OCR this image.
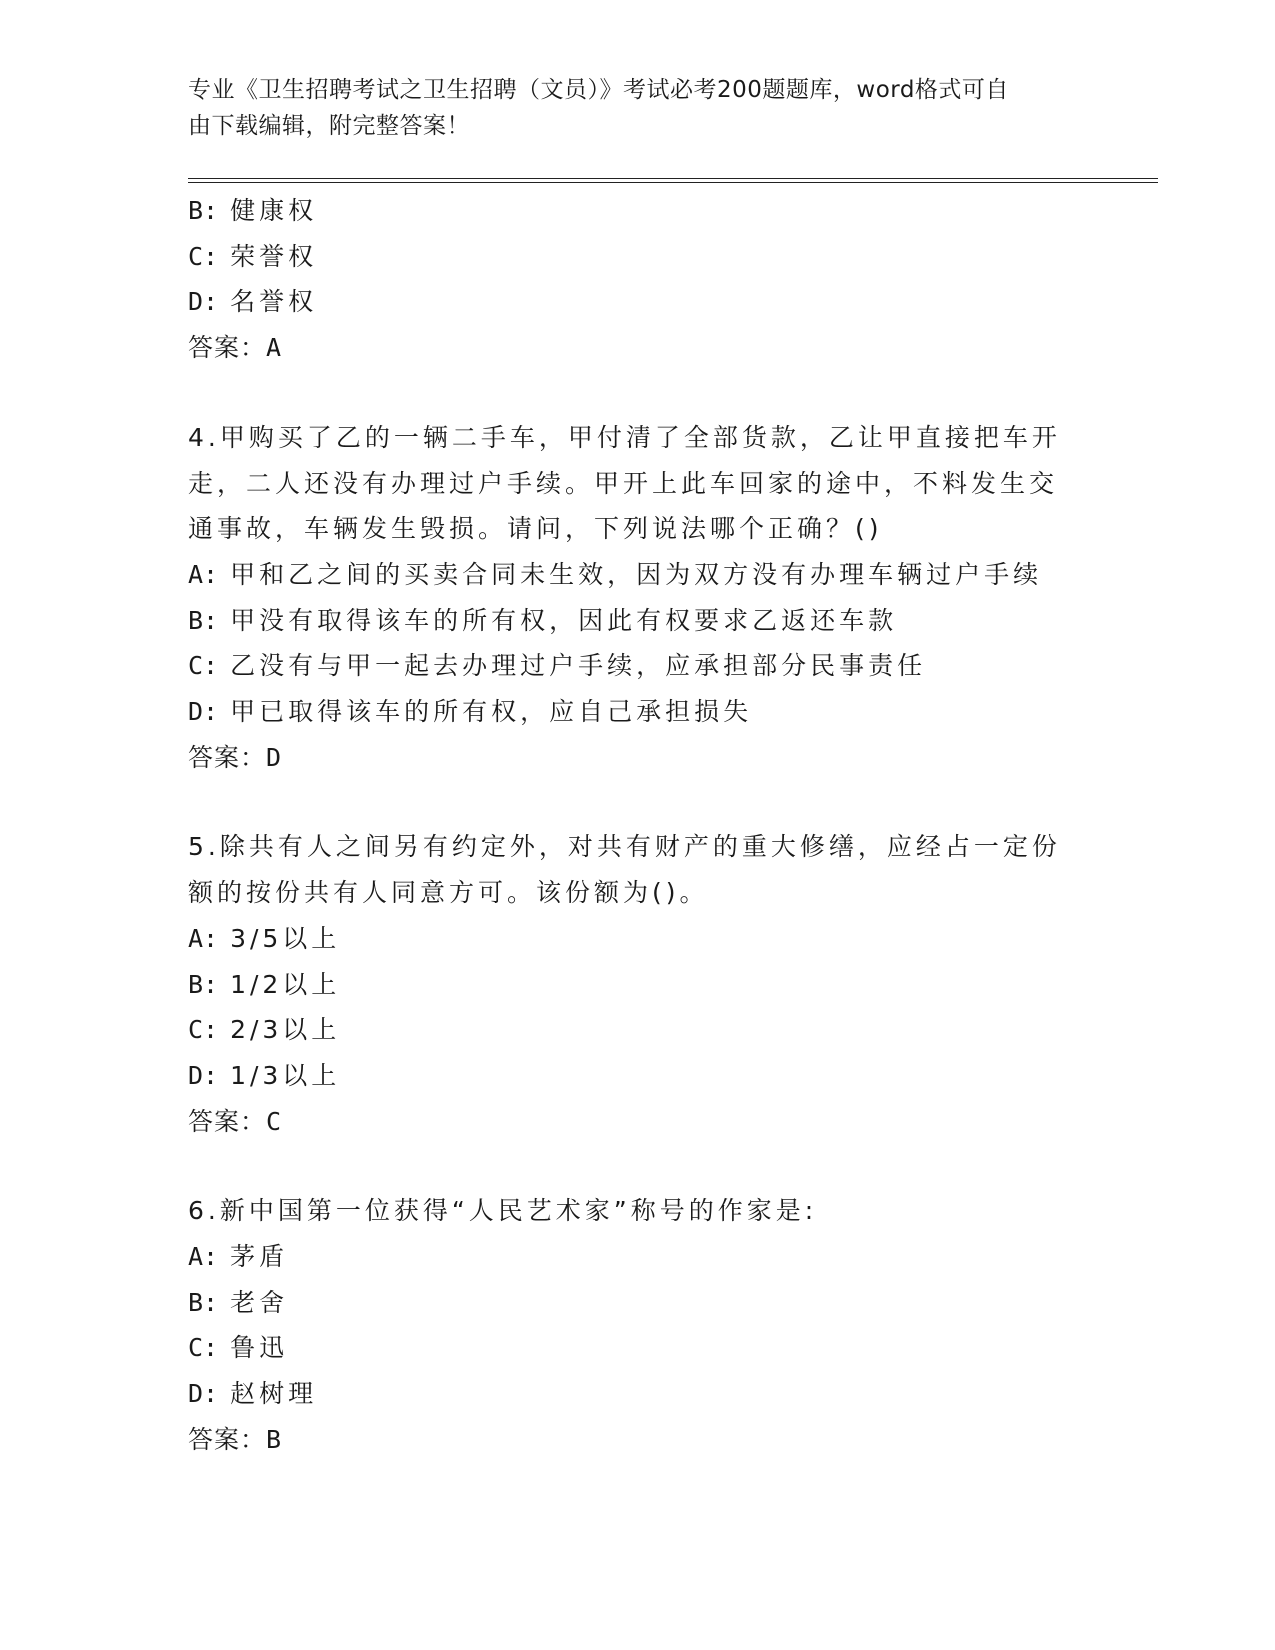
专业《卫生招聘考试之卫生招聘（文员）》考试必考200题题库，word格式可自
由下载编辑，附完整答案！
B: 健康权
C: 荣誉权
D: 名誉权
答案：A
4.甲购买了乙的一辆二手车，甲付清了全部货款，乙让甲直接把车开
走，二人还没有办理过户手续。甲开上此车回家的途中，不料发生交
通事故，车辆发生毁损。请问，下列说法哪个正确？()
A: 甲和乙之间的买卖合同未生效，因为双方没有办理车辆过户手续
B: 甲没有取得该车的所有权，因此有权要求乙返还车款
C: 乙没有与甲一起去办理过户手续，应承担部分民事责任
D: 甲已取得该车的所有权，应自己承担损失
答案：D
5.除共有人之间另有约定外，对共有财产的重大修缮，应经占一定份
额的按份共有人同意方可。该份额为()。
A: 3/5以上
B: 1/2以上
C: 2/3以上
D: 1/3以上
答案：C
6.新中国第一位获得“人民艺术家”称号的作家是:
A: 茅盾
B: 老舍
C: 鲁迅
D: 赵树理
答案：B
